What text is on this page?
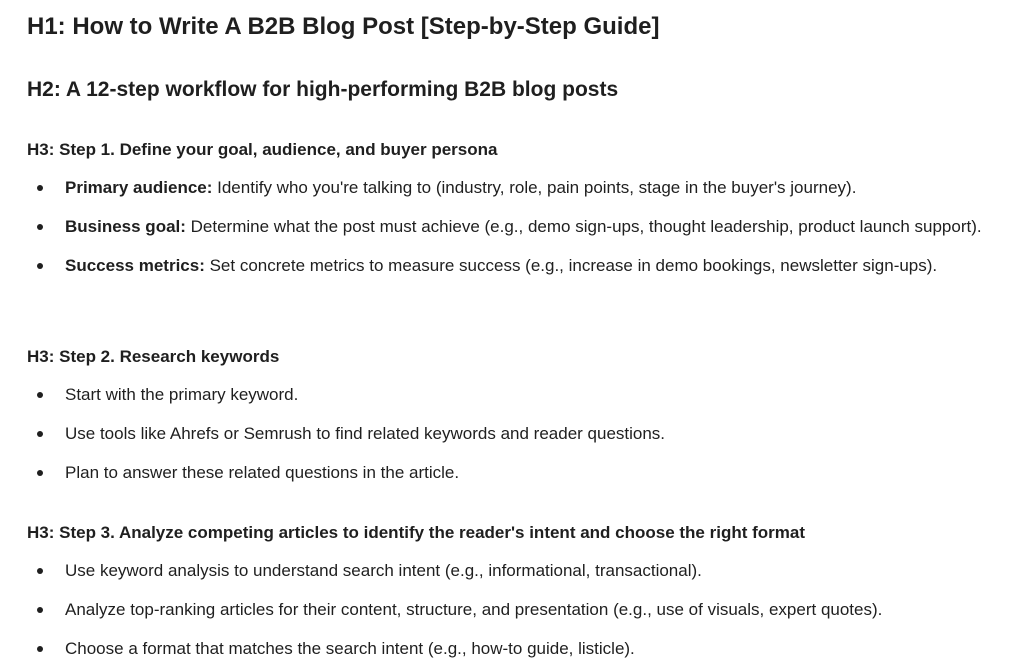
H1: How to Write A B2B Blog Post [Step-by-Step Guide]
H2: A 12-step workflow for high-performing B2B blog posts
H3: Step 1. Define your goal, audience, and buyer persona
Primary audience: Identify who you're talking to (industry, role, pain points, stage in the buyer's journey).
Business goal: Determine what the post must achieve (e.g., demo sign-ups, thought leadership, product launch support).
Success metrics: Set concrete metrics to measure success (e.g., increase in demo bookings, newsletter sign-ups).
H3: Step 2. Research keywords
Start with the primary keyword.
Use tools like Ahrefs or Semrush to find related keywords and reader questions.
Plan to answer these related questions in the article.
H3: Step 3. Analyze competing articles to identify the reader's intent and choose the right format
Use keyword analysis to understand search intent (e.g., informational, transactional).
Analyze top-ranking articles for their content, structure, and presentation (e.g., use of visuals, expert quotes).
Choose a format that matches the search intent (e.g., how-to guide, listicle).
